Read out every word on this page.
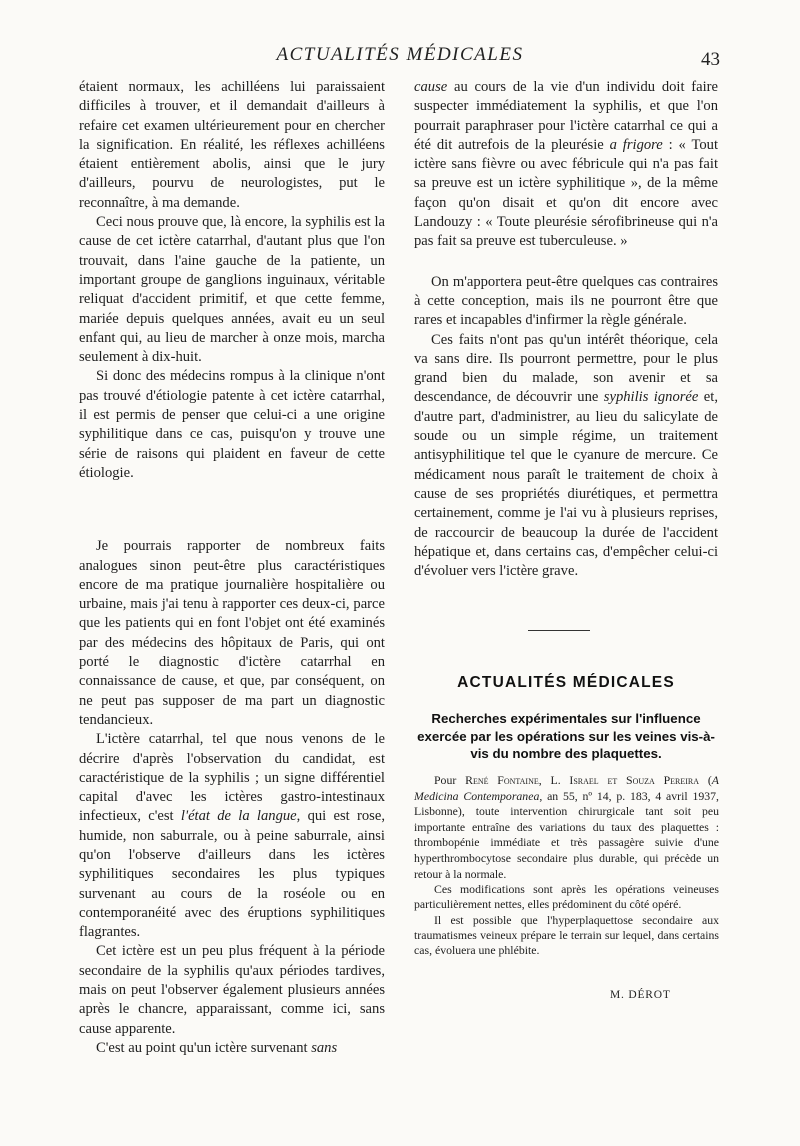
ACTUALITÉS MÉDICALES	43

étaient normaux, les achilléens lui paraissaient difficiles à trouver, et il demandait d'ailleurs à refaire cet examen ultérieurement pour en chercher la signification. En réalité, les réflexes achilléens étaient entièrement abolis, ainsi que le jury d'ailleurs, pourvu de neurologistes, put le reconnaître, à ma demande.

Ceci nous prouve que, là encore, la syphilis est la cause de cet ictère catarrhal, d'autant plus que l'on trouvait, dans l'aine gauche de la patiente, un important groupe de ganglions inguinaux, véritable reliquat d'accident primitif, et que cette femme, mariée depuis quelques années, avait eu un seul enfant qui, au lieu de marcher à onze mois, marcha seulement à dix-huit.

Si donc des médecins rompus à la clinique n'ont pas trouvé d'étiologie patente à cet ictère catarrhal, il est permis de penser que celui-ci a une origine syphilitique dans ce cas, puisqu'on y trouve une série de raisons qui plaident en faveur de cette étiologie.

Je pourrais rapporter de nombreux faits analogues sinon peut-être plus caractéristiques encore de ma pratique journalière hospitalière ou urbaine, mais j'ai tenu à rapporter ces deux-ci, parce que les patients qui en font l'objet ont été examinés par des médecins des hôpitaux de Paris, qui ont porté le diagnostic d'ictère catarrhal en connaissance de cause, et que, par conséquent, on ne peut pas supposer de ma part un diagnostic tendancieux.

L'ictère catarrhal, tel que nous venons de le décrire d'après l'observation du candidat, est caractéristique de la syphilis ; un signe différentiel capital d'avec les ictères gastro-intestinaux infectieux, c'est l'état de la langue, qui est rose, humide, non saburrale, ou à peine saburrale, ainsi qu'on l'observe d'ailleurs dans les ictères syphilitiques secondaires les plus typiques survenant au cours de la roséole ou en contemporanéité avec des éruptions syphilitiques flagrantes.

Cet ictère est un peu plus fréquent à la période secondaire de la syphilis qu'aux périodes tardives, mais on peut l'observer également plusieurs années après le chancre, apparaissant, comme ici, sans cause apparente.

C'est au point qu'un ictère survenant sans

cause au cours de la vie d'un individu doit faire suspecter immédiatement la syphilis, et que l'on pourrait paraphraser pour l'ictère catarrhal ce qui a été dit autrefois de la pleurésie a frigore : « Tout ictère sans fièvre ou avec fébricule qui n'a pas fait sa preuve est un ictère syphilitique », de la même façon qu'on disait et qu'on dit encore avec Landouzy : « Toute pleurésie sérofibrineuse qui n'a pas fait sa preuve est tuberculeuse. »

On m'apportera peut-être quelques cas contraires à cette conception, mais ils ne pourront être que rares et incapables d'infirmer la règle générale.

Ces faits n'ont pas qu'un intérêt théorique, cela va sans dire. Ils pourront permettre, pour le plus grand bien du malade, son avenir et sa descendance, de découvrir une syphilis ignorée et, d'autre part, d'administrer, au lieu du salicylate de soude ou un simple régime, un traitement antisyphilitique tel que le cyanure de mercure. Ce médicament nous paraît le traitement de choix à cause de ses propriétés diurétiques, et permettra certainement, comme je l'ai vu à plusieurs reprises, de raccourcir de beaucoup la durée de l'accident hépatique et, dans certains cas, d'empêcher celui-ci d'évoluer vers l'ictère grave.

ACTUALITÉS MÉDICALES
Recherches expérimentales sur l'influence exercée par les opérations sur les veines vis-à-vis du nombre des plaquettes.

Pour René Fontaine, L. Israel et Souza Pereira (A Medicina Contemporanea, an 55, nº 14, p. 183, 4 avril 1937, Lisbonne), toute intervention chirurgicale tant soit peu importante entraîne des variations du taux des plaquettes : thrombopénie immédiate et très passagère suivie d'une hyperthrombocytose secondaire plus durable, qui précède un retour à la normale.

Ces modifications sont après les opérations veineuses particulièrement nettes, elles prédominent du côté opéré.

Il est possible que l'hyperplaquettose secondaire aux traumatismes veineux prépare le terrain sur lequel, dans certains cas, évoluera une phlébite.

M. DÉROT
